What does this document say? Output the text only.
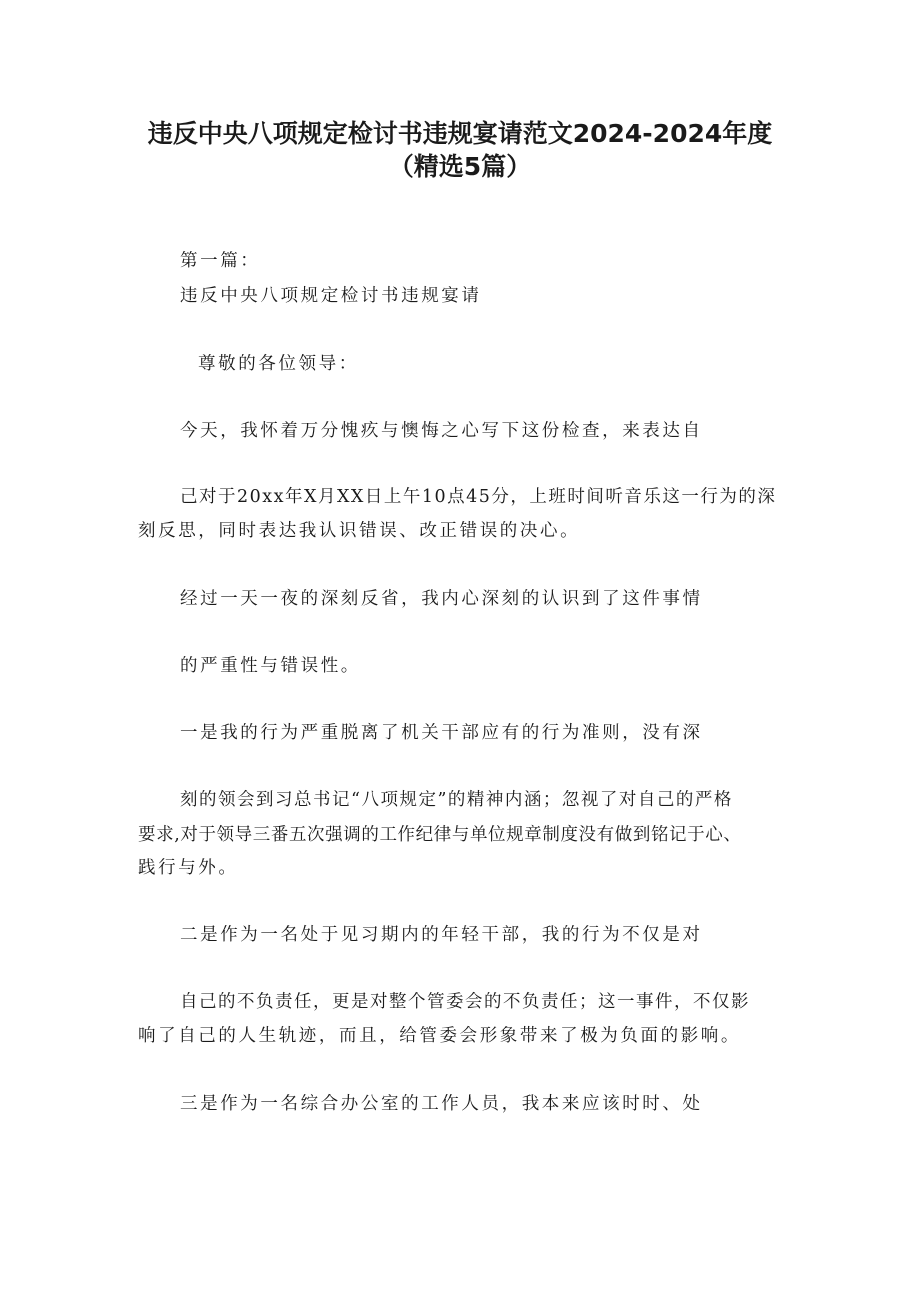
违反中央八项规定检讨书违规宴请范文2024-2024年度
（精选5篇）

第一篇：

违反中央八项规定检讨书违规宴请

尊敬的各位领导：

今天，我怀着万分愧疚与懊悔之心写下这份检查，来表达自

己对于20xx年X月XX日上午10点45分，上班时间听音乐这一行为的深

刻反思，同时表达我认识错误、改正错误的决心。

经过一天一夜的深刻反省，我内心深刻的认识到了这件事情

的严重性与错误性。

一是我的行为严重脱离了机关干部应有的行为准则，没有深

刻的领会到习总书记“八项规定”的精神内涵；忽视了对自己的严格

要求,对于领导三番五次强调的工作纪律与单位规章制度没有做到铭记于心、

践行与外。

二是作为一名处于见习期内的年轻干部，我的行为不仅是对

自己的不负责任，更是对整个管委会的不负责任；这一事件，不仅影

响了自己的人生轨迹，而且，给管委会形象带来了极为负面的影响。

三是作为一名综合办公室的工作人员，我本来应该时时、处
